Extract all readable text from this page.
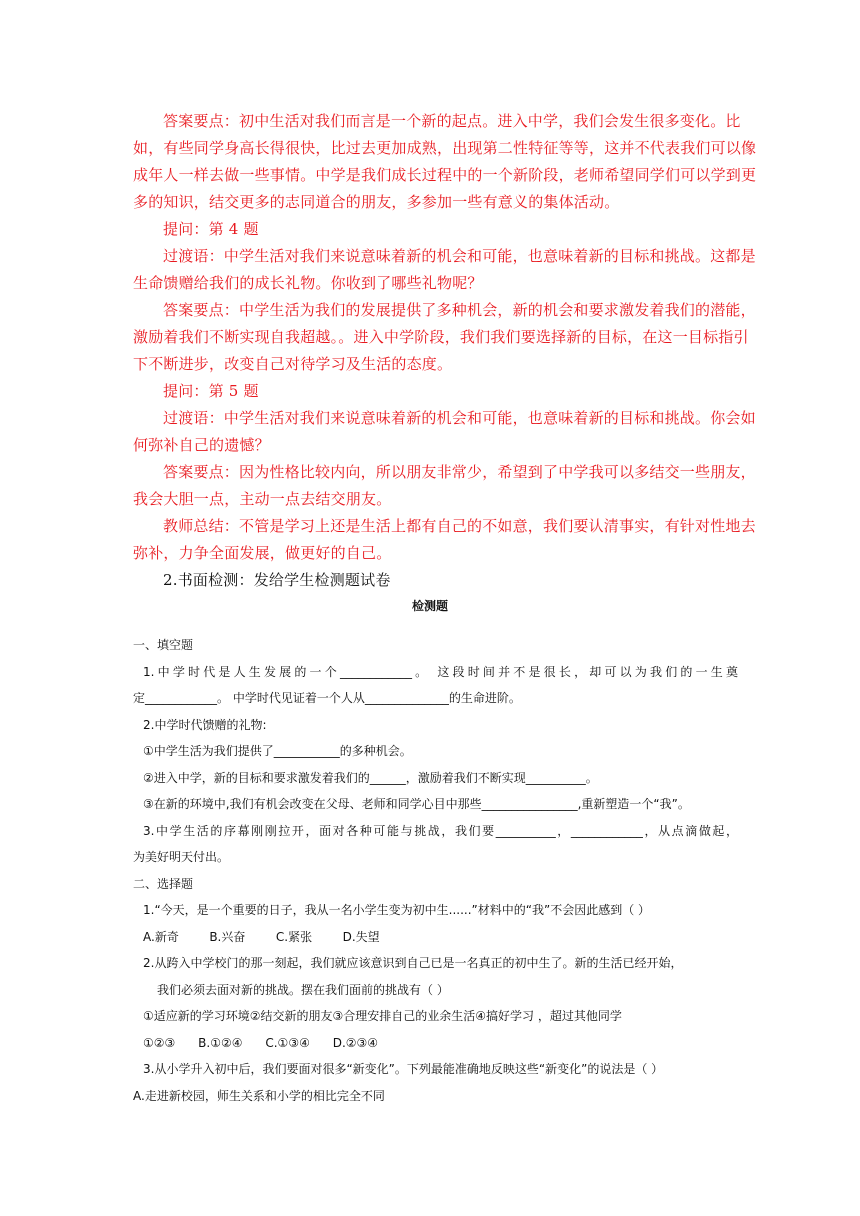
答案要点：初中生活对我们而言是一个新的起点。进入中学，我们会发生很多变化。比如，有些同学身高长得很快，比过去更加成熟，出现第二性特征等等，这并不代表我们可以像成年人一样去做一些事情。中学是我们成长过程中的一个新阶段，老师希望同学们可以学到更多的知识，结交更多的志同道合的朋友，多参加一些有意义的集体活动。

提问：第 4 题

过渡语：中学生活对我们来说意味着新的机会和可能，也意味着新的目标和挑战。这都是生命馈赠给我们的成长礼物。你收到了哪些礼物呢？

答案要点：中学生活为我们的发展提供了多种机会，新的机会和要求激发着我们的潜能，激励着我们不断实现自我超越。。进入中学阶段，我们我们要选择新的目标，在这一目标指引下不断进步，改变自己对待学习及生活的态度。

提问：第 5 题

过渡语：中学生活对我们来说意味着新的机会和可能，也意味着新的目标和挑战。你会如何弥补自己的遗憾？

答案要点：因为性格比较内向，所以朋友非常少，希望到了中学我可以多结交一些朋友，我会大胆一点，主动一点去结交朋友。

教师总结：不管是学习上还是生活上都有自己的不如意，我们要认清事实，有针对性地去弥补，力争全面发展，做更好的自己。

2.书面检测：发给学生检测题试卷

检测题

一、填空题

1.中学时代是人生发展的一个____________。 这段时间并不是很长，却可以为我们的一生奠

定____________。 中学时代见证着一个人从______________的生命进阶。

2.中学时代馈赠的礼物:

①中学生活为我们提供了___________的多种机会。

②进入中学，新的目标和要求激发着我们的______，激励着我们不断实现__________。

③在新的环境中,我们有机会改变在父母、老师和同学心目中那些________________,重新塑造一个“我”。

3.中学生活的序幕刚刚拉开，面对各种可能与挑战，我们要__________，____________，从点滴做起，

为美好明天付出。

二、选择题

1.“今天，是一个重要的日子，我从一名小学生变为初中生......”材料中的“我”不会因此感到（ ）

A.新奇        B.兴奋        C.紧张        D.失望

2.从跨入中学校门的那一刻起，我们就应该意识到自己已是一名真正的初中生了。新的生活已经开始，

我们必须去面对新的挑战。摆在我们面前的挑战有（ ）

①适应新的学习环境②结交新的朋友③合理安排自己的业余生活④搞好学习 ，超过其他同学

①②③      B.①②④      C.①③④      D.②③④

3.从小学升入初中后，我们要面对很多“新变化”。下列最能准确地反映这些“新变化”的说法是（ ）

A.走进新校园，师生关系和小学的相比完全不同
